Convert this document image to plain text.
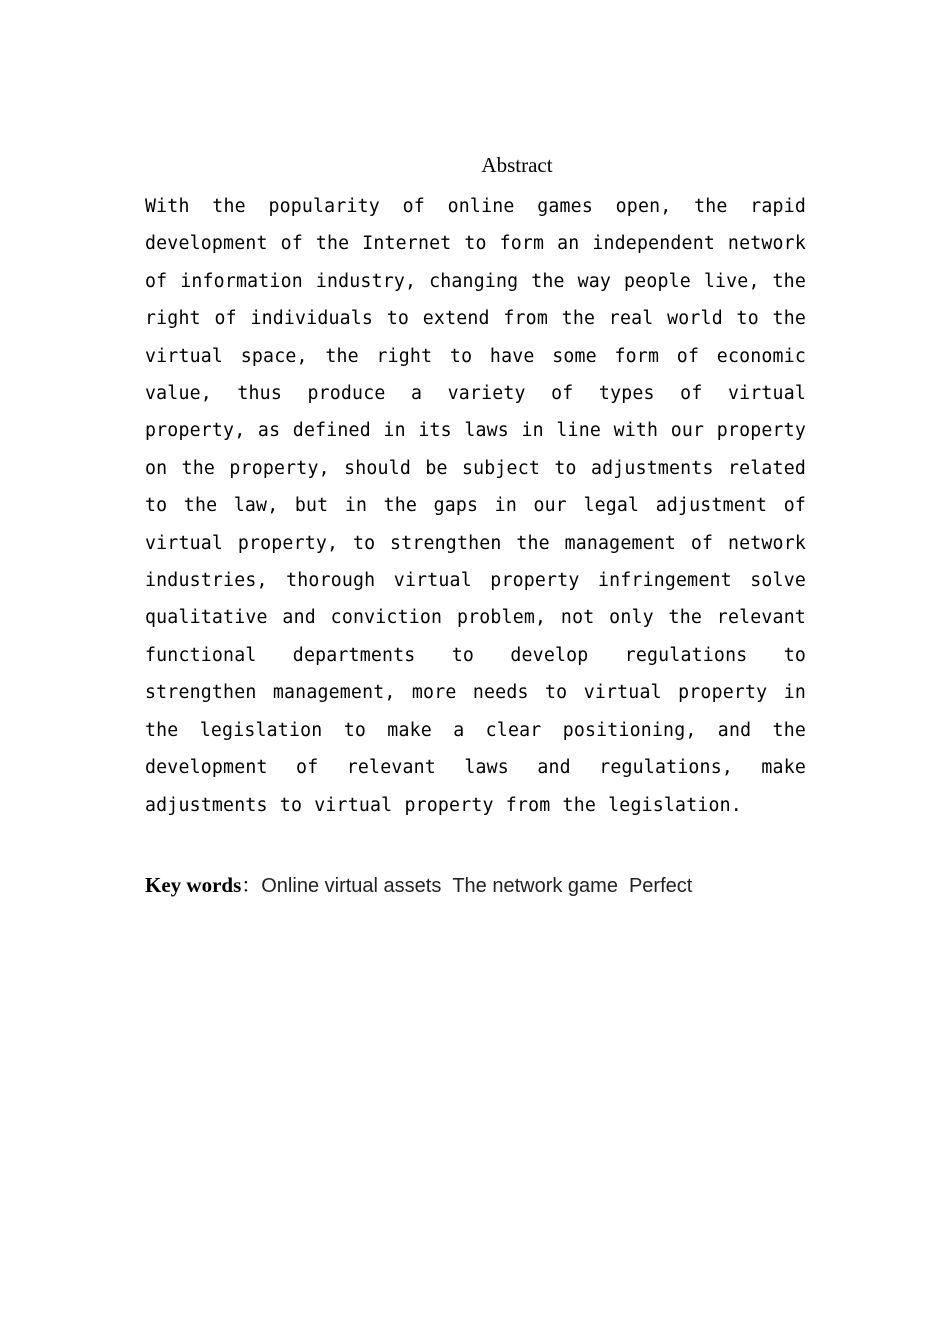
Abstract

With the popularity of online games open, the rapid development of the Internet to form an independent network of information industry, changing the way people live, the right of individuals to extend from the real world to the virtual space, the right to have some form of economic value, thus produce a variety of types of virtual property, as defined in its laws in line with our property on the property, should be subject to adjustments related to the law, but in the gaps in our legal adjustment of virtual property, to strengthen the management of network industries, thorough virtual property infringement solve qualitative and conviction problem, not only the relevant functional departments to develop regulations to strengthen management, more needs to virtual property in the legislation to make a clear positioning, and the development of relevant laws and regulations, make adjustments to virtual property from the legislation.

Key words：Online virtual assets The network game Perfect
